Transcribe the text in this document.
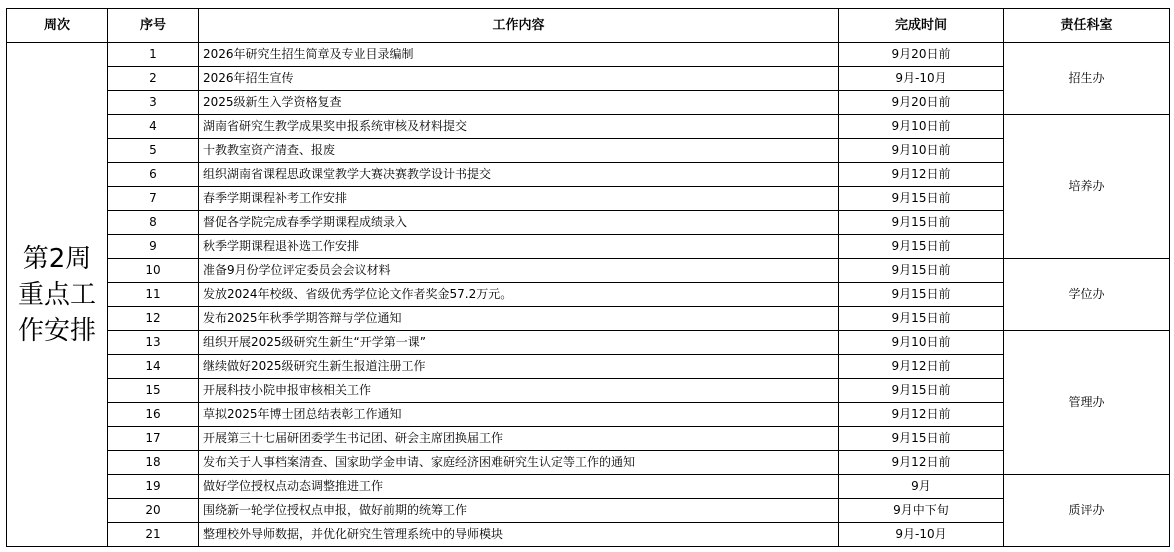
周次	序号	工作内容	完成时间	责任科室
第2周重点工作安排	1	2026年研究生招生简章及专业目录编制	9月20日前	招生办
	2	2026年招生宣传	9月-10月	
	3	2025级新生入学资格复查	9月20日前	
	4	湖南省研究生教学成果奖申报系统审核及材料提交	9月10日前	培养办
	5	十教教室资产清查、报废	9月10日前	
	6	组织湖南省课程思政课堂教学大赛决赛教学设计书提交	9月12日前	
	7	春季学期课程补考工作安排	9月15日前	
	8	督促各学院完成春季学期课程成绩录入	9月15日前	
	9	秋季学期课程退补选工作安排	9月15日前	
	10	准备9月份学位评定委员会会议材料	9月15日前	学位办
	11	发放2024年校级、省级优秀学位论文作者奖金57.2万元。	9月15日前	
	12	发布2025年秋季学期答辩与学位通知	9月15日前	
	13	组织开展2025级研究生新生“开学第一课”	9月10日前	管理办
	14	继续做好2025级研究生新生报道注册工作	9月12日前	
	15	开展科技小院申报审核相关工作	9月15日前	
	16	草拟2025年博士团总结表彰工作通知	9月12日前	
	17	开展第三十七届研团委学生书记团、研会主席团换届工作	9月15日前	
	18	发布关于人事档案清查、国家助学金申请、家庭经济困难研究生认定等工作的通知	9月12日前	
	19	做好学位授权点动态调整推进工作	9月	质评办
	20	围绕新一轮学位授权点申报，做好前期的统筹工作	9月中下旬	
	21	整理校外导师数据，并优化研究生管理系统中的导师模块	9月-10月	
